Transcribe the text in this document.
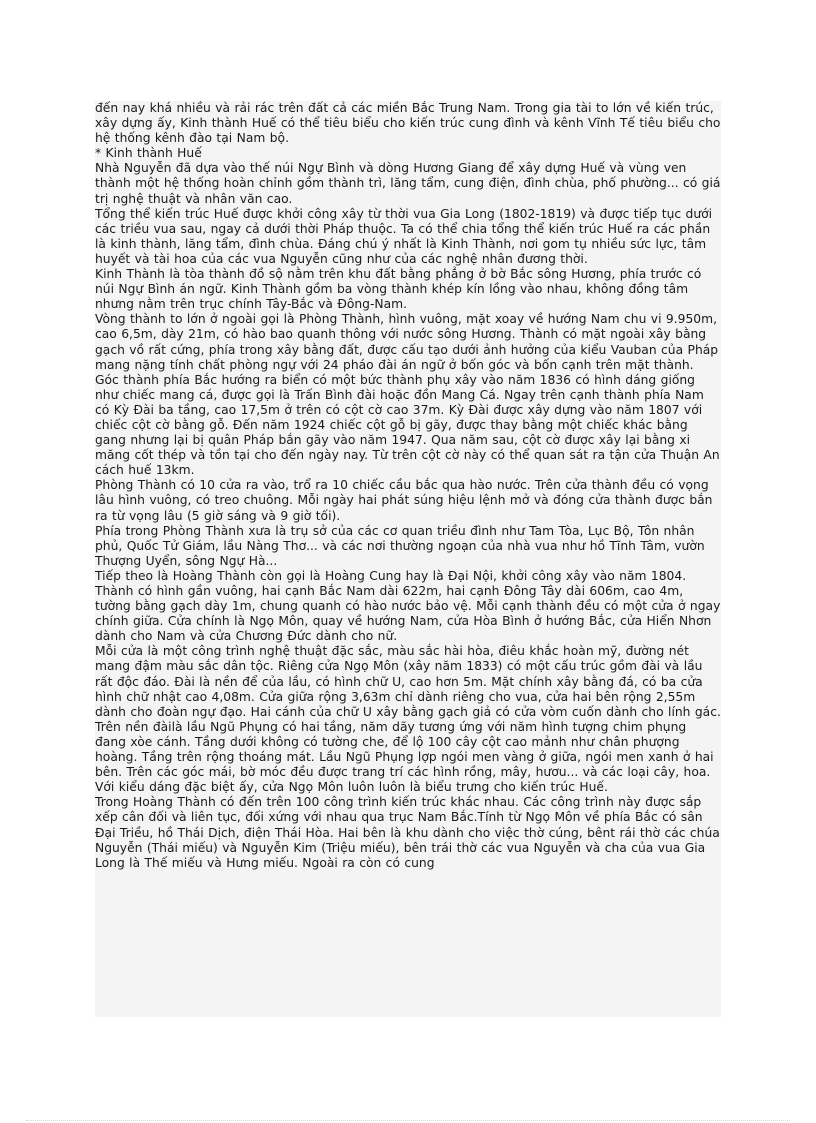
đến nay khá nhiều và rải rác trên đất cả các miền Bắc Trung Nam. Trong gia tài to lớn về kiến trúc, xây dựng ấy, Kinh thành Huế có thể tiêu biểu cho kiến trúc cung đình và kênh Vĩnh Tế tiêu biểu cho hệ thống kênh đào tại Nam bộ.

* Kinh thành Huế

Nhà Nguyễn đã dựa vào thế núi Ngự Bình và dòng Hương Giang để xây dựng Huế và vùng ven thành một hệ thống hoàn chỉnh gồm thành trì, lăng tẩm, cung điện, đình chùa, phố phường... có giá trị nghệ thuật và nhân văn cao.

Tổng thể kiến trúc Huế được khởi công xây từ thời vua Gia Long (1802-1819) và được tiếp tục dưới các triều vua sau, ngay cả dưới thời Pháp thuộc. Ta có thể chia tổng thể kiến trúc Huế ra các phần là kinh thành, lăng tẩm, đình chùa. Đáng chú ý nhất là Kinh Thành, nơi gom tụ nhiều sức lực, tâm huyết và tài hoa của các vua Nguyễn cũng như của các nghệ nhân đương thời.

Kinh Thành là tòa thành đồ sộ nằm trên khu đất bằng phẳng ở bờ Bắc sông Hương, phía trước có núi Ngự Bình án ngữ. Kinh Thành gồm ba vòng thành khép kín lồng vào nhau, không đồng tâm nhưng nằm trên trục chính Tây-Bắc và Đông-Nam.

Vòng thành to lớn ở ngoài gọi là Phòng Thành, hình vuông, mặt xoay về hướng Nam chu vi 9.950m, cao 6,5m, dày 21m, có hào bao quanh thông với nước sông Hương. Thành có mặt ngoài xây bằng gạch vồ rất cứng, phía trong xây bằng đất, được cấu tạo dưới ảnh hưởng của kiểu Vauban của Pháp mang nặng tính chất phòng ngự với 24 pháo đài án ngữ ở bốn góc và bốn cạnh trên mặt thành. Góc thành phía Bắc hướng ra biển có một bức thành phụ xây vào năm 1836 có hình dáng giống như chiếc mang cá, được gọi là Trấn Bình đài hoặc đồn Mang Cá. Ngay trên cạnh thành phía Nam có Kỳ Đài ba tầng, cao 17,5m ở trên có cột cờ cao 37m. Kỳ Đài được xây dựng vào năm 1807 với chiếc cột cờ bằng gỗ. Đến năm 1924 chiếc cột gỗ bị gãy, được thay bằng một chiếc khác bằng gang nhưng lại bị quân Pháp bắn gãy vào năm 1947. Qua năm sau, cột cờ được xây lại bằng xi măng cốt thép và tồn tại cho đến ngày nay. Từ trên cột cờ này có thể quan sát ra tận cửa Thuận An cách huế 13km.

Phòng Thành có 10 cửa ra vào, trổ ra 10 chiếc cầu bắc qua hào nước. Trên cửa thành đều có vọng lâu hình vuông, có treo chuông. Mỗi ngày hai phát súng hiệu lệnh mở và đóng cửa thành được bắn ra từ vọng lâu (5 giờ sáng và 9 giờ tối).

Phía trong Phòng Thành xưa là trụ sở của các cơ quan triều đình như Tam Tòa, Lục Bộ, Tôn nhân phủ, Quốc Tử Giám, lầu Nàng Thơ... và các nơi thường ngoạn của nhà vua như hồ Tĩnh Tâm, vườn Thượng Uyển, sông Ngự Hà...

Tiếp theo là Hoàng Thành còn gọi là Hoàng Cung hay là Đại Nội, khởi công xây vào năm 1804. Thành có hình gần vuông, hai cạnh Bắc Nam dài 622m, hai cạnh Đông Tây dài 606m, cao 4m, tường bằng gạch dày 1m, chung quanh có hào nước bảo vệ. Mỗi cạnh thành đều có một cửa ở ngay chính giữa. Cửa chính là Ngọ Môn, quay về hướng Nam, cửa Hòa Bình ở hướng Bắc, cửa Hiển Nhơn dành cho Nam và cửa Chương Đức dành cho nữ.

Mỗi cửa là một công trình nghệ thuật đặc sắc, màu sắc hài hòa, điêu khắc hoàn mỹ, đường nét mang đậm màu sắc dân tộc. Riêng cửa Ngọ Môn (xây năm 1833) có một cấu trúc gồm đài và lầu rất độc đáo. Đài là nền để của lầu, có hình chữ U, cao hơn 5m. Mặt chính xây bằng đá, có ba cửa hình chữ nhật cao 4,08m. Cửa giữa rộng 3,63m chỉ dành riêng cho vua, cửa hai bên rộng 2,55m dành cho đoàn ngự đạo. Hai cánh của chữ U xây bằng gạch giả có cửa vòm cuốn dành cho lính gác. Trên nền đàilà lầu Ngũ Phụng có hai tầng, năm dãy tương ứng với năm hình tượng chim phụng đang xòe cánh. Tầng dưới không có tường che, để lộ 100 cây cột cao mảnh như chân phượng hoàng. Tầng trên rộng thoáng mát. Lầu Ngũ Phụng lợp ngói men vàng ở giữa, ngói men xanh ở hai bên. Trên các góc mái, bờ móc đều được trang trí các hình rồng, mây, hươu... và các loại cây, hoa. Với kiểu dáng đặc biệt ấy, cửa Ngọ Môn luôn luôn là biểu trưng cho kiến trúc Huế.

Trong Hoàng Thành có đến trên 100 công trình kiến trúc khác nhau. Các công trình này được sắp xếp cân đối và liên tục, đối xứng với nhau qua trục Nam Bắc.Tính từ Ngọ Môn về phía Bắc có sân Đại Triều, hồ Thái Dịch, điện Thái Hòa. Hai bên là khu dành cho việc thờ cúng, bênt rái thờ các chúa Nguyễn (Thái miếu) và Nguyễn Kim (Triệu miếu), bên trái thờ các vua Nguyễn và cha của vua Gia Long là Thế miếu và Hưng miếu. Ngoài ra còn có cung
